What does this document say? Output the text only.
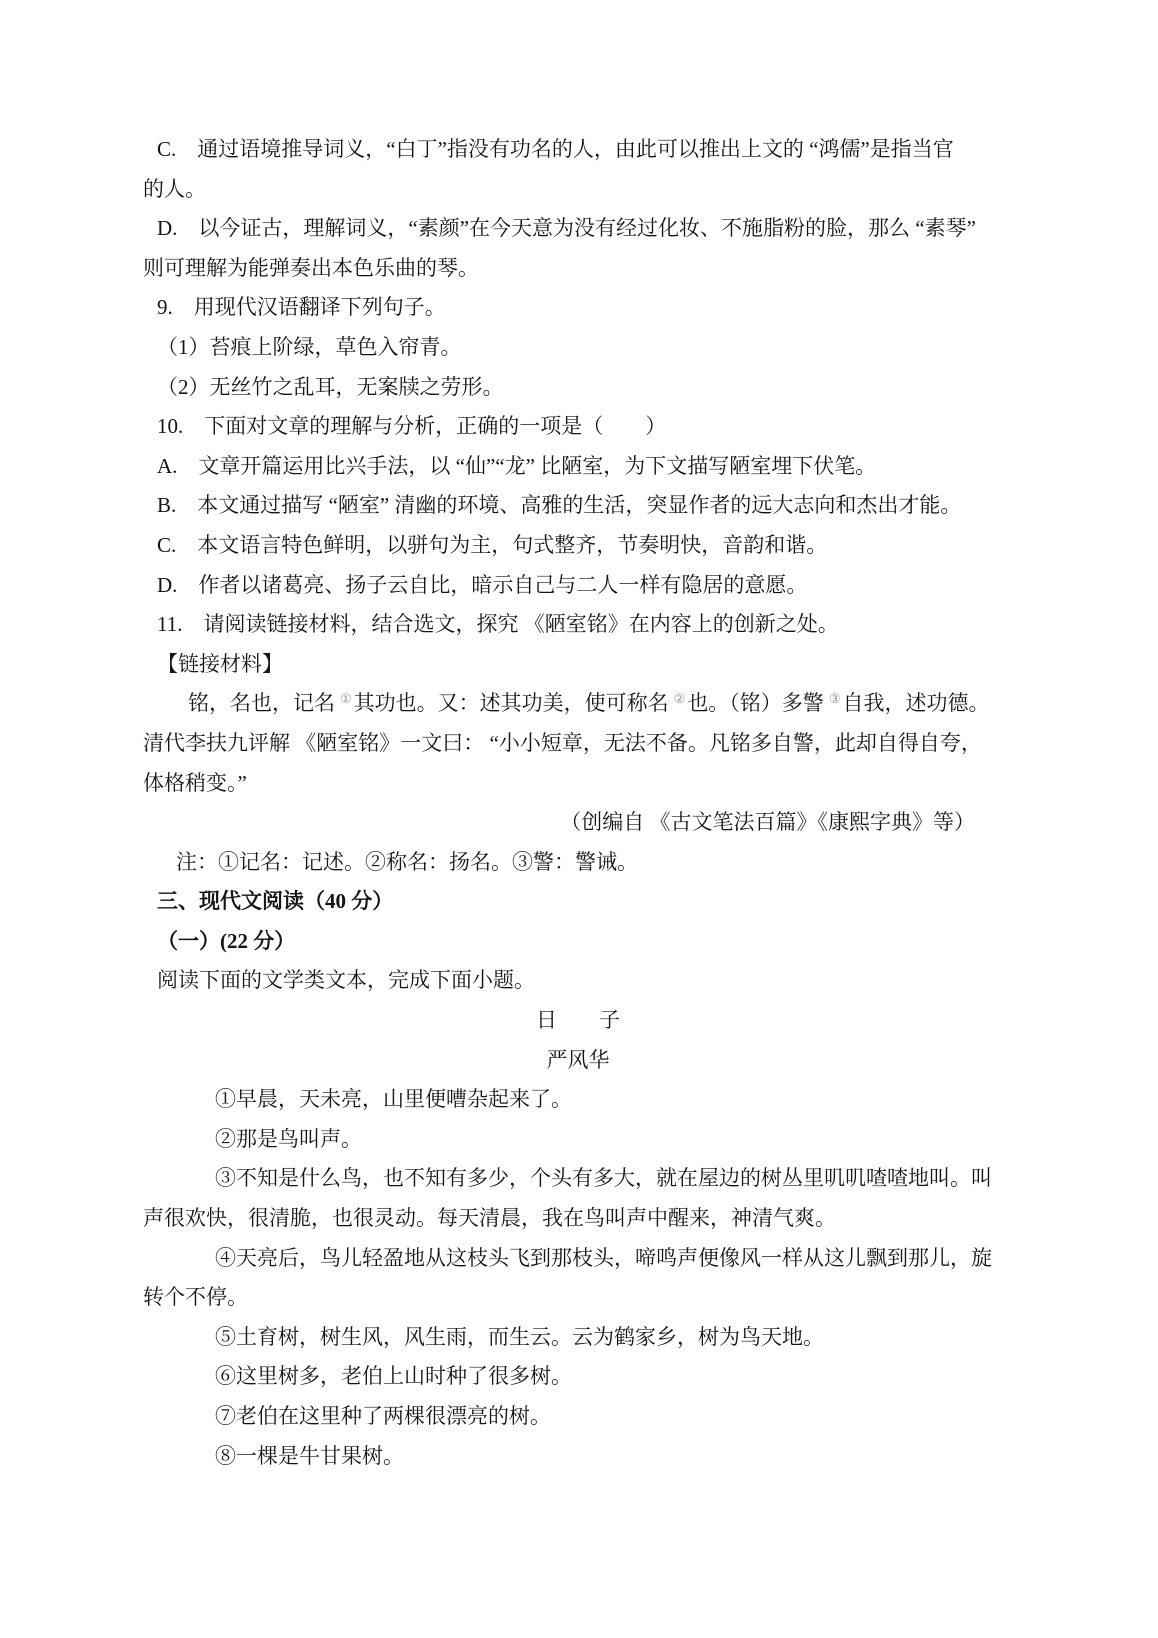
C.　通过语境推导词义，“白丁”指没有功名的人，由此可以推出上文的 “鸿儒”是指当官
的人。
D.　以今证古，理解词义，“素颜”在今天意为没有经过化妆、不施脂粉的脸，那么 “素琴”
则可理解为能弹奏出本色乐曲的琴。
9.　用现代汉语翻译下列句子。
（1）苔痕上阶绿，草色入帘青。
（2）无丝竹之乱耳，无案牍之劳形。
10.　下面对文章的理解与分析，正确的一项是（　　）
A.　文章开篇运用比兴手法，以 “仙”“龙” 比陋室，为下文描写陋室埋下伏笔。
B.　本文通过描写 “陋室” 清幽的环境、高雅的生活，突显作者的远大志向和杰出才能。
C.　本文语言特色鲜明，以骈句为主，句式整齐，节奏明快，音韵和谐。
D.　作者以诸葛亮、扬子云自比，暗示自己与二人一样有隐居的意愿。
11.　请阅读链接材料，结合选文，探究 《陋室铭》在内容上的创新之处。
【链接材料】
铭，名也，记名 ①其功也。又：述其功美，使可称名 ②也。（铭）多警 ③自我，述功德。
清代李扶九评解 《陋室铭》一文曰： “小小短章，无法不备。凡铭多自警，此却自得自夸，
体格稍变。”
（创编自 《古文笔法百篇》《康熙字典》等）
注：①记名：记述。②称名：扬名。③警：警诫。
三、现代文阅读（40 分）
（一）(22 分）
阅读下面的文学类文本，完成下面小题。
日　　子
严风华
①早晨，天未亮，山里便嘈杂起来了。
②那是鸟叫声。
③不知是什么鸟，也不知有多少，个头有多大，就在屋边的树丛里叽叽喳喳地叫。叫
声很欢快，很清脆，也很灵动。每天清晨，我在鸟叫声中醒来，神清气爽。
④天亮后，鸟儿轻盈地从这枝头飞到那枝头，啼鸣声便像风一样从这儿飘到那儿，旋
转个不停。
⑤土育树，树生风，风生雨，而生云。云为鹤家乡，树为鸟天地。
⑥这里树多，老伯上山时种了很多树。
⑦老伯在这里种了两棵很漂亮的树。
⑧一棵是牛甘果树。
